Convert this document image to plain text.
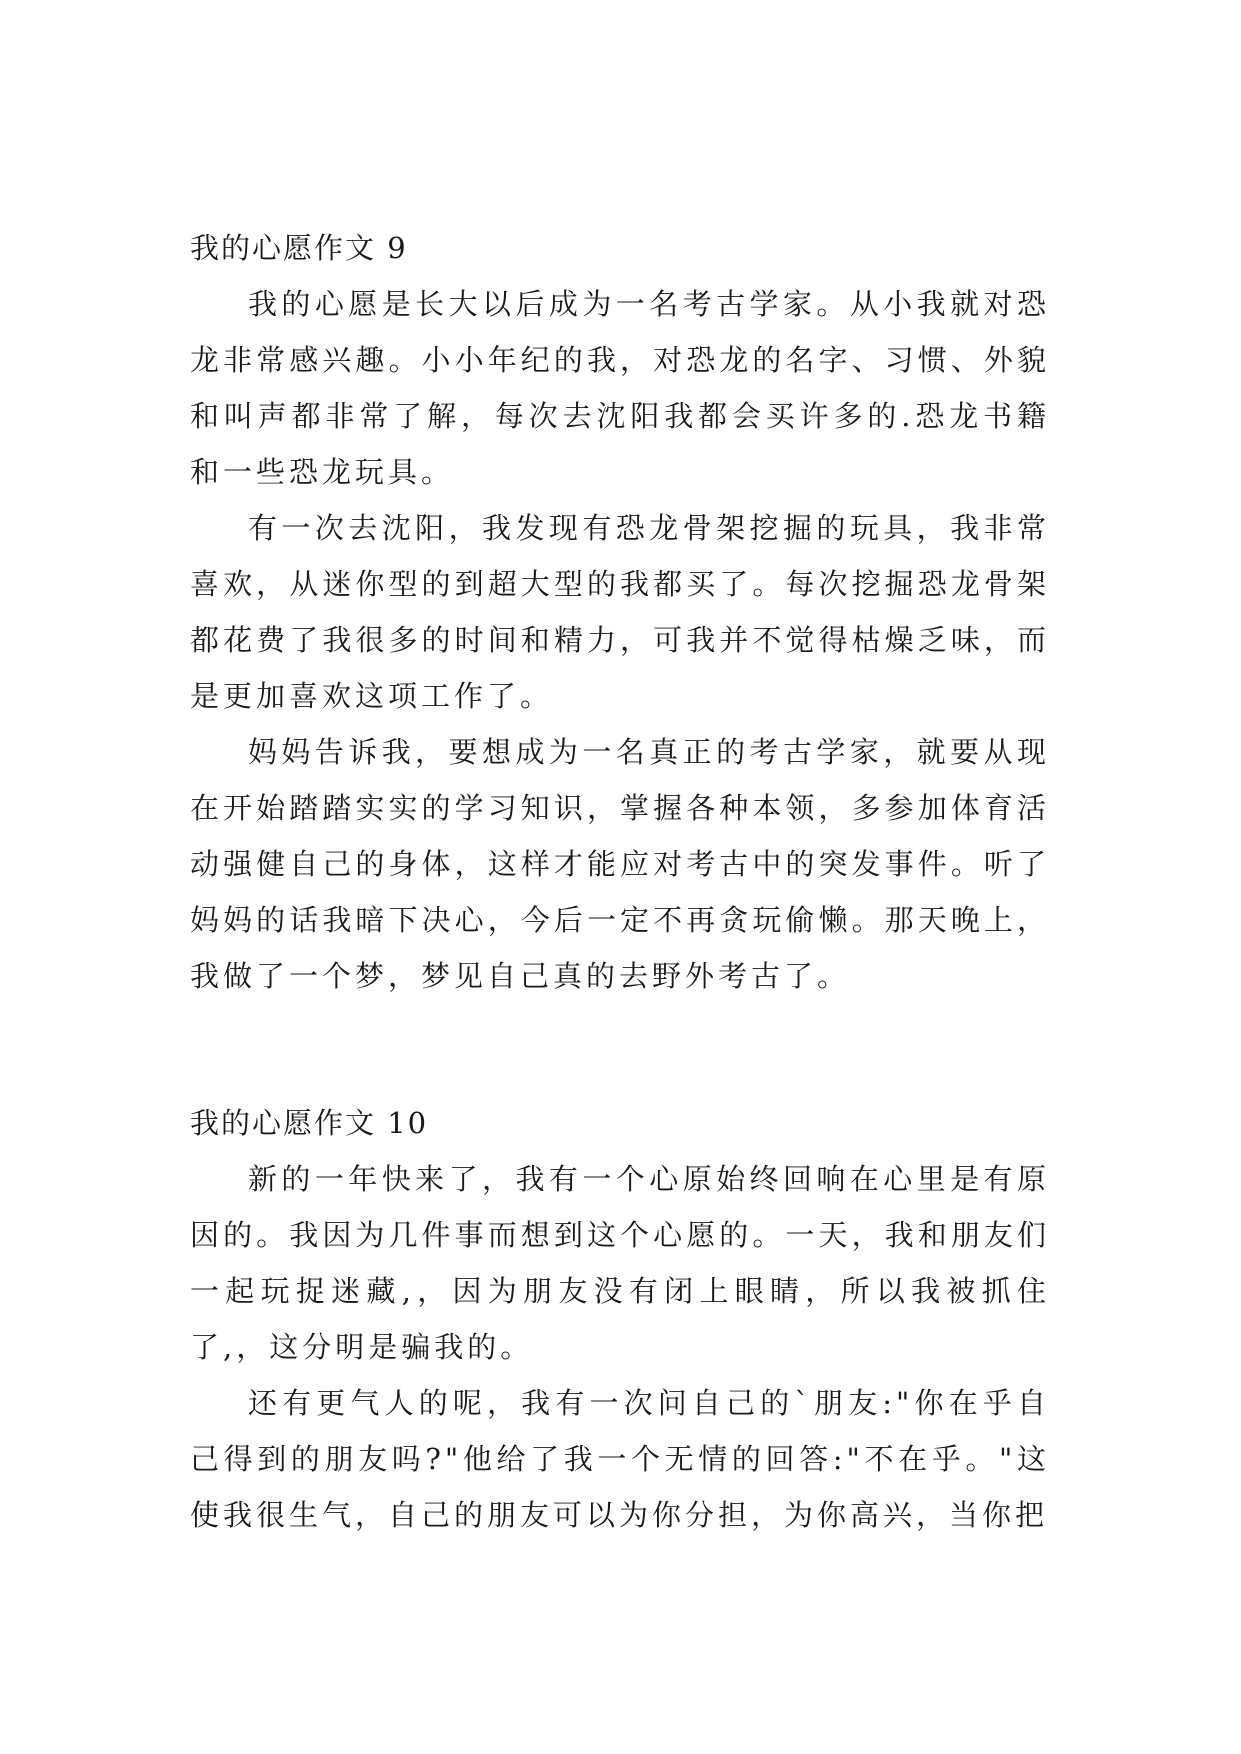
我的心愿作文 9

我的心愿是长大以后成为一名考古学家。从小我就对恐龙非常感兴趣。小小年纪的我，对恐龙的名字、习惯、外貌和叫声都非常了解，每次去沈阳我都会买许多的.恐龙书籍和一些恐龙玩具。

有一次去沈阳，我发现有恐龙骨架挖掘的玩具，我非常喜欢，从迷你型的到超大型的我都买了。每次挖掘恐龙骨架都花费了我很多的时间和精力，可我并不觉得枯燥乏味，而是更加喜欢这项工作了。

妈妈告诉我，要想成为一名真正的考古学家，就要从现在开始踏踏实实的学习知识，掌握各种本领，多参加体育活动强健自己的身体，这样才能应对考古中的突发事件。听了妈妈的话我暗下决心，今后一定不再贪玩偷懒。那天晚上，我做了一个梦，梦见自己真的去野外考古了。

我的心愿作文 10

新的一年快来了，我有一个心原始终回响在心里是有原因的。我因为几件事而想到这个心愿的。一天，我和朋友们一起玩捉迷藏,，因为朋友没有闭上眼睛，所以我被抓住了,，这分明是骗我的。

还有更气人的呢，我有一次问自己的`朋友:"你在乎自己得到的朋友吗?"他给了我一个无情的回答:"不在乎。"这使我很生气，自己的朋友可以为你分担，为你高兴，当你把
